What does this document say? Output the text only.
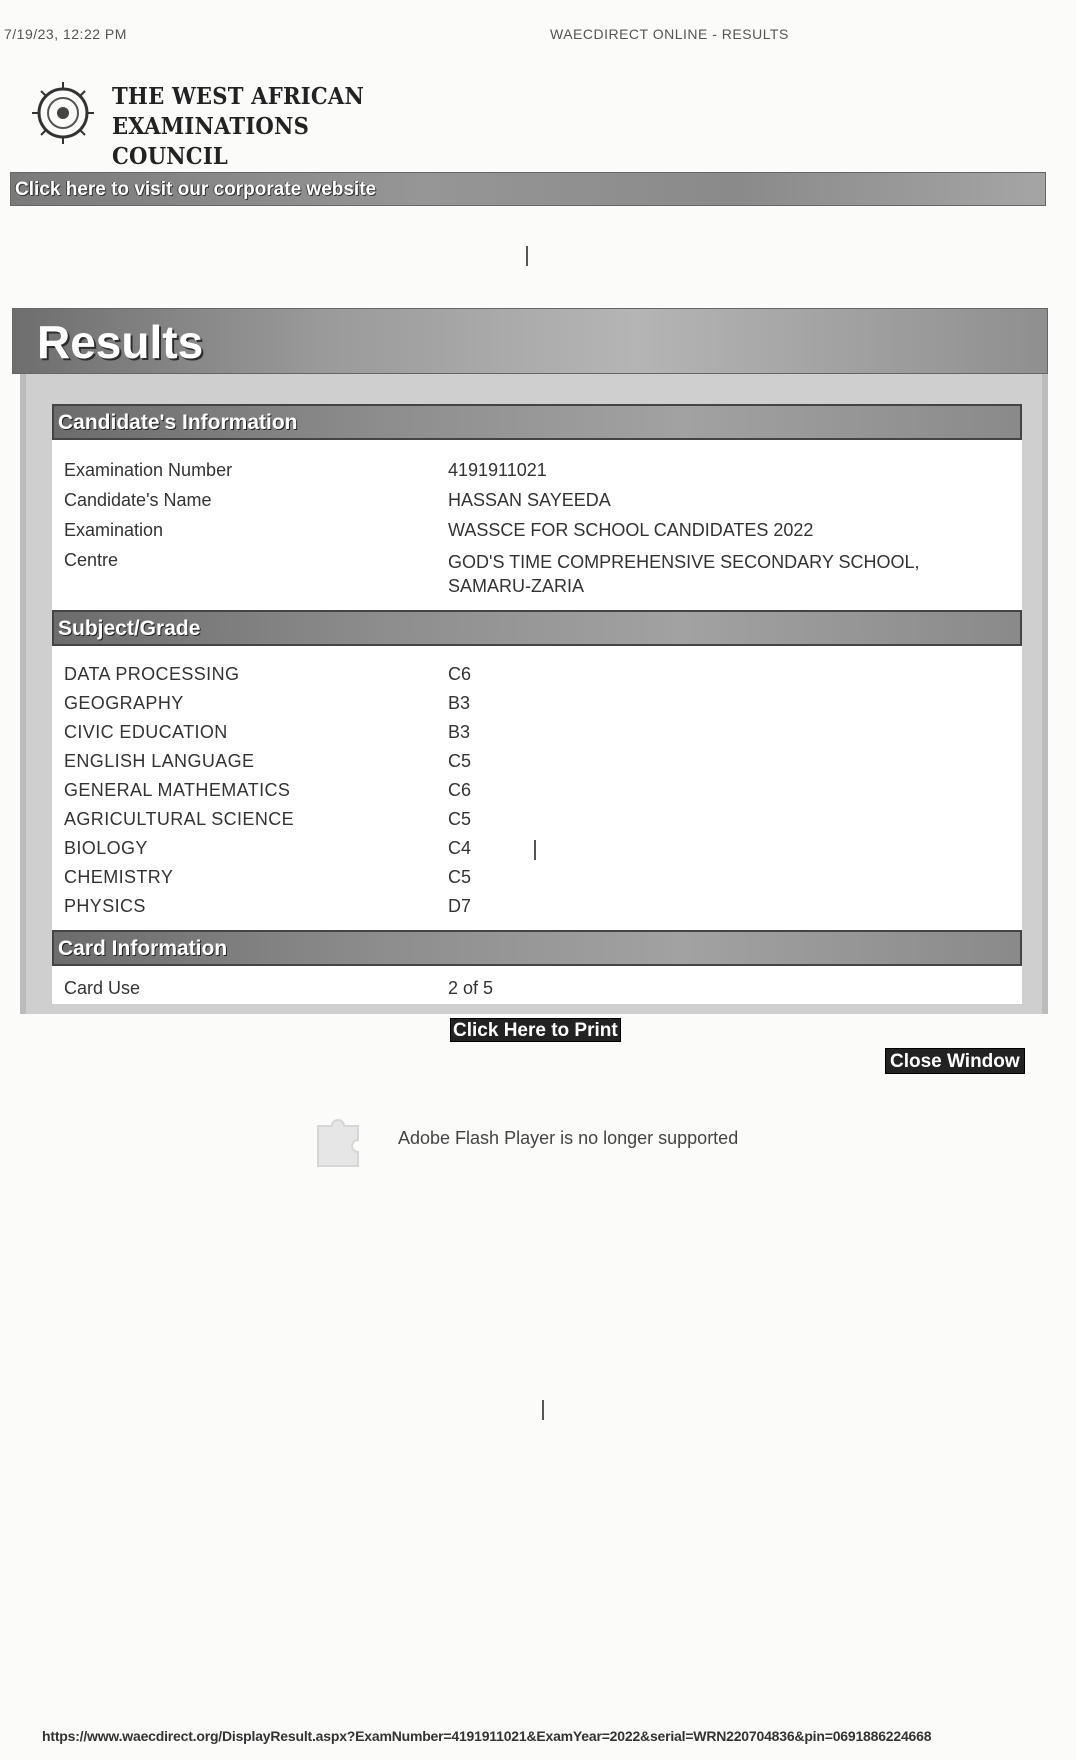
7/19/23, 12:22 PM	WAECDIRECT ONLINE - RESULTS
THE WEST AFRICAN
EXAMINATIONS COUNCIL
Click here to visit our corporate website
Results
Candidate's Information
Examination Number	4191911021
Candidate's Name	HASSAN SAYEEDA
Examination	WASSCE FOR SCHOOL CANDIDATES 2022
Centre	GOD'S TIME COMPREHENSIVE SECONDARY SCHOOL,
SAMARU-ZARIA
Subject/Grade
DATA PROCESSING	C6
GEOGRAPHY	B3
CIVIC EDUCATION	B3
ENGLISH LANGUAGE	C5
GENERAL MATHEMATICS	C6
AGRICULTURAL SCIENCE	C5
BIOLOGY	C4
CHEMISTRY	C5
PHYSICS	D7
Card Information
Card Use	2 of 5
Click Here to Print
Close Window
Adobe Flash Player is no longer supported
https://www.waecdirect.org/DisplayResult.aspx?ExamNumber=4191911021&ExamYear=2022&serial=WRN220704836&pin=0691886224668
